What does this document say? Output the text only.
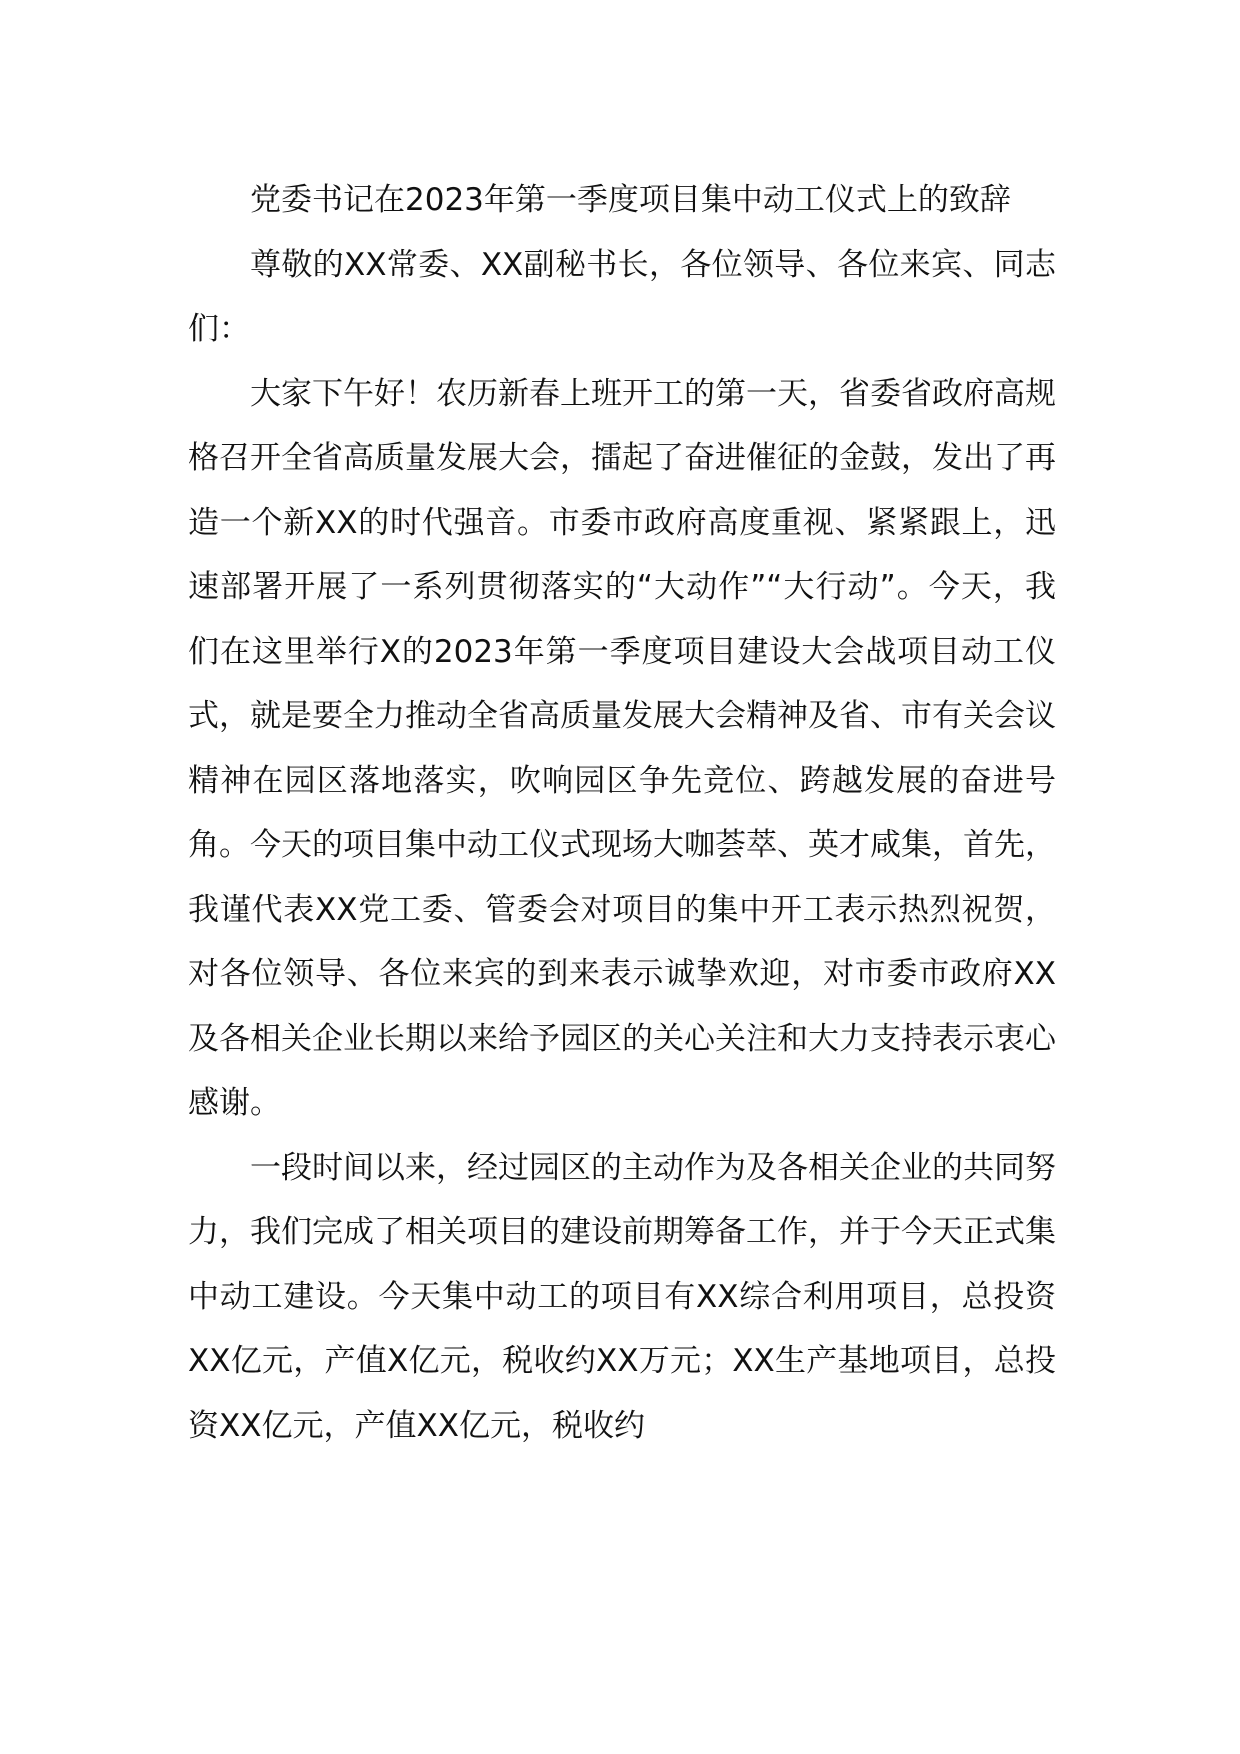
党委书记在2023年第一季度项目集中动工仪式上的致辞

尊敬的XX常委、XX副秘书长，各位领导、各位来宾、同志们：

大家下午好！农历新春上班开工的第一天，省委省政府高规格召开全省高质量发展大会，擂起了奋进催征的金鼓，发出了再造一个新XX的时代强音。市委市政府高度重视、紧紧跟上，迅速部署开展了一系列贯彻落实的“大动作”“大行动”。今天，我们在这里举行X的2023年第一季度项目建设大会战项目动工仪式，就是要全力推动全省高质量发展大会精神及省、市有关会议精神在园区落地落实，吹响园区争先竞位、跨越发展的奋进号角。今天的项目集中动工仪式现场大咖荟萃、英才咸集，首先，我谨代表XX党工委、管委会对项目的集中开工表示热烈祝贺，对各位领导、各位来宾的到来表示诚挚欢迎，对市委市政府XX及各相关企业长期以来给予园区的关心关注和大力支持表示衷心感谢。

一段时间以来，经过园区的主动作为及各相关企业的共同努力，我们完成了相关项目的建设前期筹备工作，并于今天正式集中动工建设。今天集中动工的项目有XX综合利用项目，总投资XX亿元，产值X亿元，税收约XX万元；XX生产基地项目，总投资XX亿元，产值XX亿元，税收约
